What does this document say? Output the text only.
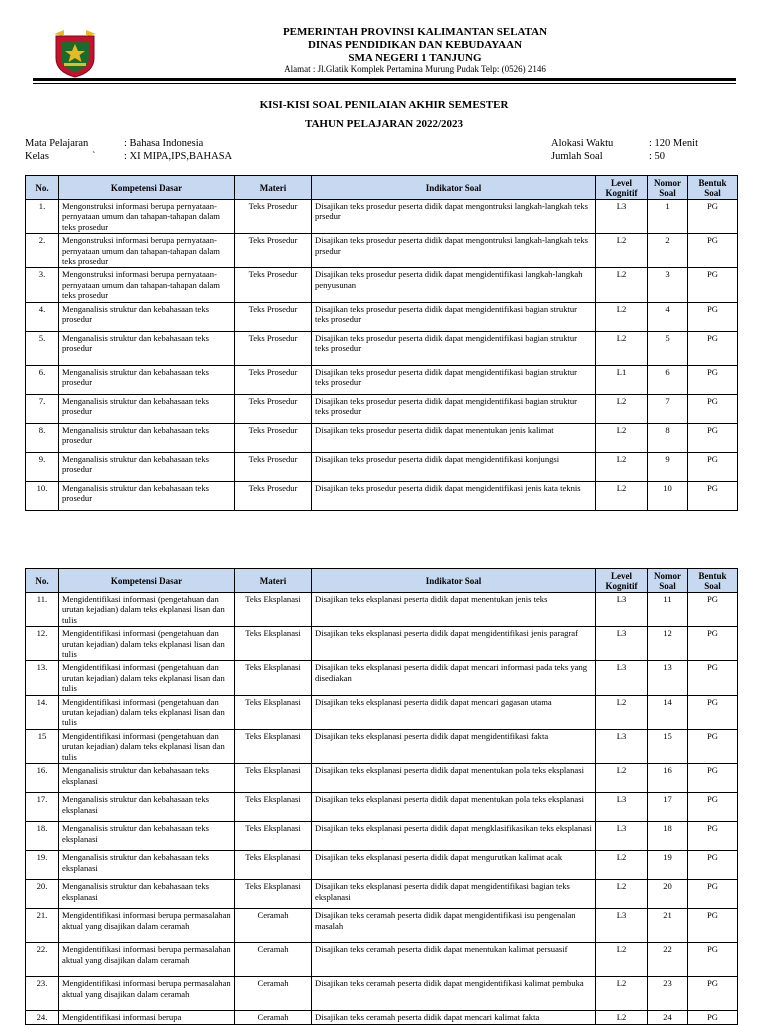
PEMERINTAH PROVINSI KALIMANTAN SELATAN
DINAS PENDIDIKAN DAN KEBUDAYAAN
SMA NEGERI 1 TANJUNG
Alamat : Jl.Glatik Komplek Pertamina Murung Pudak Telp: (0526) 2146
KISI-KISI SOAL PENILAIAN AKHIR SEMESTER
TAHUN PELAJARAN 2022/2023
Mata Pelajaran	: Bahasa Indonesia
Kelas	`	: XI MIPA,IPS,BAHASA
Alokasi Waktu	: 120 Menit
Jumlah Soal	: 50
No.	Kompetensi Dasar	Materi	Indikator Soal	Level Kognitif	Nomor Soal	Bentuk Soal
1.	Mengonstruksi informasi berupa pernyataan-pernyataan umum dan tahapan-tahapan dalam teks prosedur	Teks Prosedur	Disajikan teks prosedur peserta didik dapat mengontruksi langkah-langkah teks prsedur	L3	1	PG
2.	Mengonstruksi informasi berupa pernyataan-pernyataan umum dan tahapan-tahapan dalam teks prosedur	Teks Prosedur	Disajikan teks prosedur peserta didik dapat mengontruksi langkah-langkah teks prsedur	L2	2	PG
3.	Mengonstruksi informasi berupa pernyataan-pernyataan umum dan tahapan-tahapan dalam teks prosedur	Teks Prosedur	Disajikan teks prosedur peserta didik dapat mengidentifikasi langkah-langkah penyusunan	L2	3	PG
4.	Menganalisis struktur dan kebahasaan teks prosedur	Teks Prosedur	Disajikan teks prosedur peserta didik dapat mengidentifikasi bagian struktur teks prosedur	L2	4	PG
5.	Menganalisis struktur dan kebahasaan teks prosedur	Teks Prosedur	Disajikan teks prosedur peserta didik dapat mengidentifikasi bagian struktur teks prosedur	L2	5	PG
6.	Menganalisis struktur dan kebahasaan teks prosedur	Teks Prosedur	Disajikan teks prosedur peserta didik dapat mengidentifikasi bagian struktur teks prosedur	L1	6	PG
7.	Menganalisis struktur dan kebahasaan teks prosedur	Teks Prosedur	Disajikan teks prosedur peserta didik dapat mengidentifikasi bagian struktur teks prosedur	L2	7	PG
8.	Menganalisis struktur dan kebahasaan teks prosedur	Teks Prosedur	Disajikan teks prosedur peserta didik dapat menentukan jenis kalimat	L2	8	PG
9.	Menganalisis struktur dan kebahasaan teks prosedur	Teks Prosedur	Disajikan teks prosedur peserta didik dapat mengidentifikasi konjungsi	L2	9	PG
10.	Menganalisis struktur dan kebahasaan teks prosedur	Teks Prosedur	Disajikan teks prosedur peserta didik dapat mengidentifikasi jenis kata teknis	L2	10	PG
No.	Kompetensi Dasar	Materi	Indikator Soal	Level Kognitif	Nomor Soal	Bentuk Soal
11.	Mengidentifikasi informasi (pengetahuan dan urutan kejadian) dalam teks ekplanasi lisan dan tulis	Teks Eksplanasi	Disajikan teks eksplanasi peserta didik dapat menentukan jenis teks	L3	11	PG
12.	Mengidentifikasi informasi (pengetahuan dan urutan kejadian) dalam teks ekplanasi lisan dan tulis	Teks Eksplanasi	Disajikan teks eksplanasi peserta didik dapat mengidentifikasi jenis paragraf	L3	12	PG
13.	Mengidentifikasi informasi (pengetahuan dan urutan kejadian) dalam teks ekplanasi lisan dan tulis	Teks Eksplanasi	Disajikan teks eksplanasi peserta didik dapat mencari informasi pada teks yang disediakan	L3	13	PG
14.	Mengidentifikasi informasi (pengetahuan dan urutan kejadian) dalam teks ekplanasi lisan dan tulis	Teks Eksplanasi	Disajikan teks eksplanasi peserta didik dapat mencari gagasan utama	L2	14	PG
15	Mengidentifikasi informasi (pengetahuan dan urutan kejadian) dalam teks ekplanasi lisan dan tulis	Teks Eksplanasi	Disajikan teks eksplanasi peserta didik dapat mengidentifikasi fakta	L3	15	PG
16.	Menganalisis struktur dan kebahasaan teks eksplanasi	Teks Eksplanasi	Disajikan teks eksplanasi peserta didik dapat menentukan pola teks eksplanasi	L2	16	PG
17.	Menganalisis struktur dan kebahasaan teks eksplanasi	Teks Eksplanasi	Disajikan teks eksplanasi peserta didik dapat menentukan pola teks eksplanasi	L3	17	PG
18.	Menganalisis struktur dan kebahasaan teks eksplanasi	Teks Eksplanasi	Disajikan teks eksplanasi peserta didik dapat mengklasifikasikan teks eksplanasi	L3	18	PG
19.	Menganalisis struktur dan kebahasaan teks eksplanasi	Teks Eksplanasi	Disajikan teks eksplanasi peserta didik dapat mengurutkan kalimat acak	L2	19	PG
20.	Menganalisis struktur dan kebahasaan teks eksplanasi	Teks Eksplanasi	Disajikan teks eksplanasi peserta didik dapat mengidentifikasi bagian teks eksplanasi	L2	20	PG
21.	Mengidentifikasi informasi berupa permasalahan aktual yang disajikan dalam ceramah	Ceramah	Disajikan teks ceramah peserta didik dapat mengidentifikasi isu pengenalan masalah	L3	21	PG
22.	Mengidentifikasi informasi berupa permasalahan aktual yang disajikan dalam ceramah	Ceramah	Disajikan teks ceramah peserta didik dapat menentukan kalimat persuasif	L2	22	PG
23.	Mengidentifikasi informasi berupa permasalahan aktual yang disajikan dalam ceramah	Ceramah	Disajikan teks ceramah peserta didik dapat mengidentifikasi kalimat pembuka	L2	23	PG
24.	Mengidentifikasi informasi berupa	Ceramah	Disajikan teks ceramah peserta didik dapat mencari kalimat fakta	L2	24	PG
